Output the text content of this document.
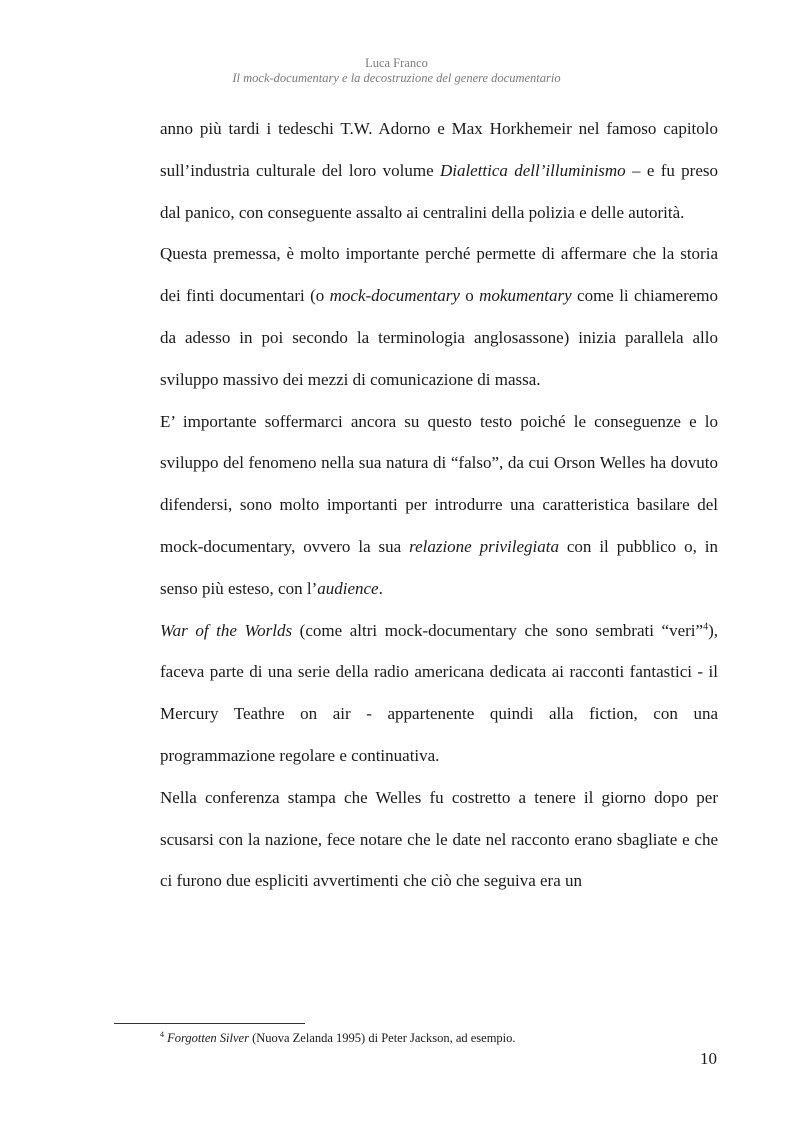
Luca Franco
Il mock-documentary e la decostruzione del genere documentario

anno più tardi i tedeschi T.W. Adorno e Max Horkhemeir nel famoso capitolo sull’industria culturale del loro volume Dialettica dell’illuminismo – e fu preso dal panico, con conseguente assalto ai centralini della polizia e delle autorità.

Questa premessa, è molto importante perché permette di affermare che la storia dei finti documentari (o mock-documentary o mokumentary come li chiameremo da adesso in poi secondo la terminologia anglosassone) inizia parallela allo sviluppo massivo dei mezzi di comunicazione di massa.

E’ importante soffermarci ancora su questo testo poiché le conseguenze e lo sviluppo del fenomeno nella sua natura di “falso”, da cui Orson Welles ha dovuto difendersi, sono molto importanti per introdurre una caratteristica basilare del mock-documentary, ovvero la sua relazione privilegiata con il pubblico o, in senso più esteso, con l’audience.

War of the Worlds (come altri mock-documentary che sono sembrati “veri”$^4$), faceva parte di una serie della radio americana dedicata ai racconti fantastici - il Mercury Teathre on air - appartenente quindi alla fiction, con una programmazione regolare e continuativa.

Nella conferenza stampa che Welles fu costretto a tenere il giorno dopo per scusarsi con la nazione, fece notare che le date nel racconto erano sbagliate e che ci furono due espliciti avvertimenti che ciò che seguiva era un

$^4$ Forgotten Silver (Nuova Zelanda 1995) di Peter Jackson, ad esempio.
10
